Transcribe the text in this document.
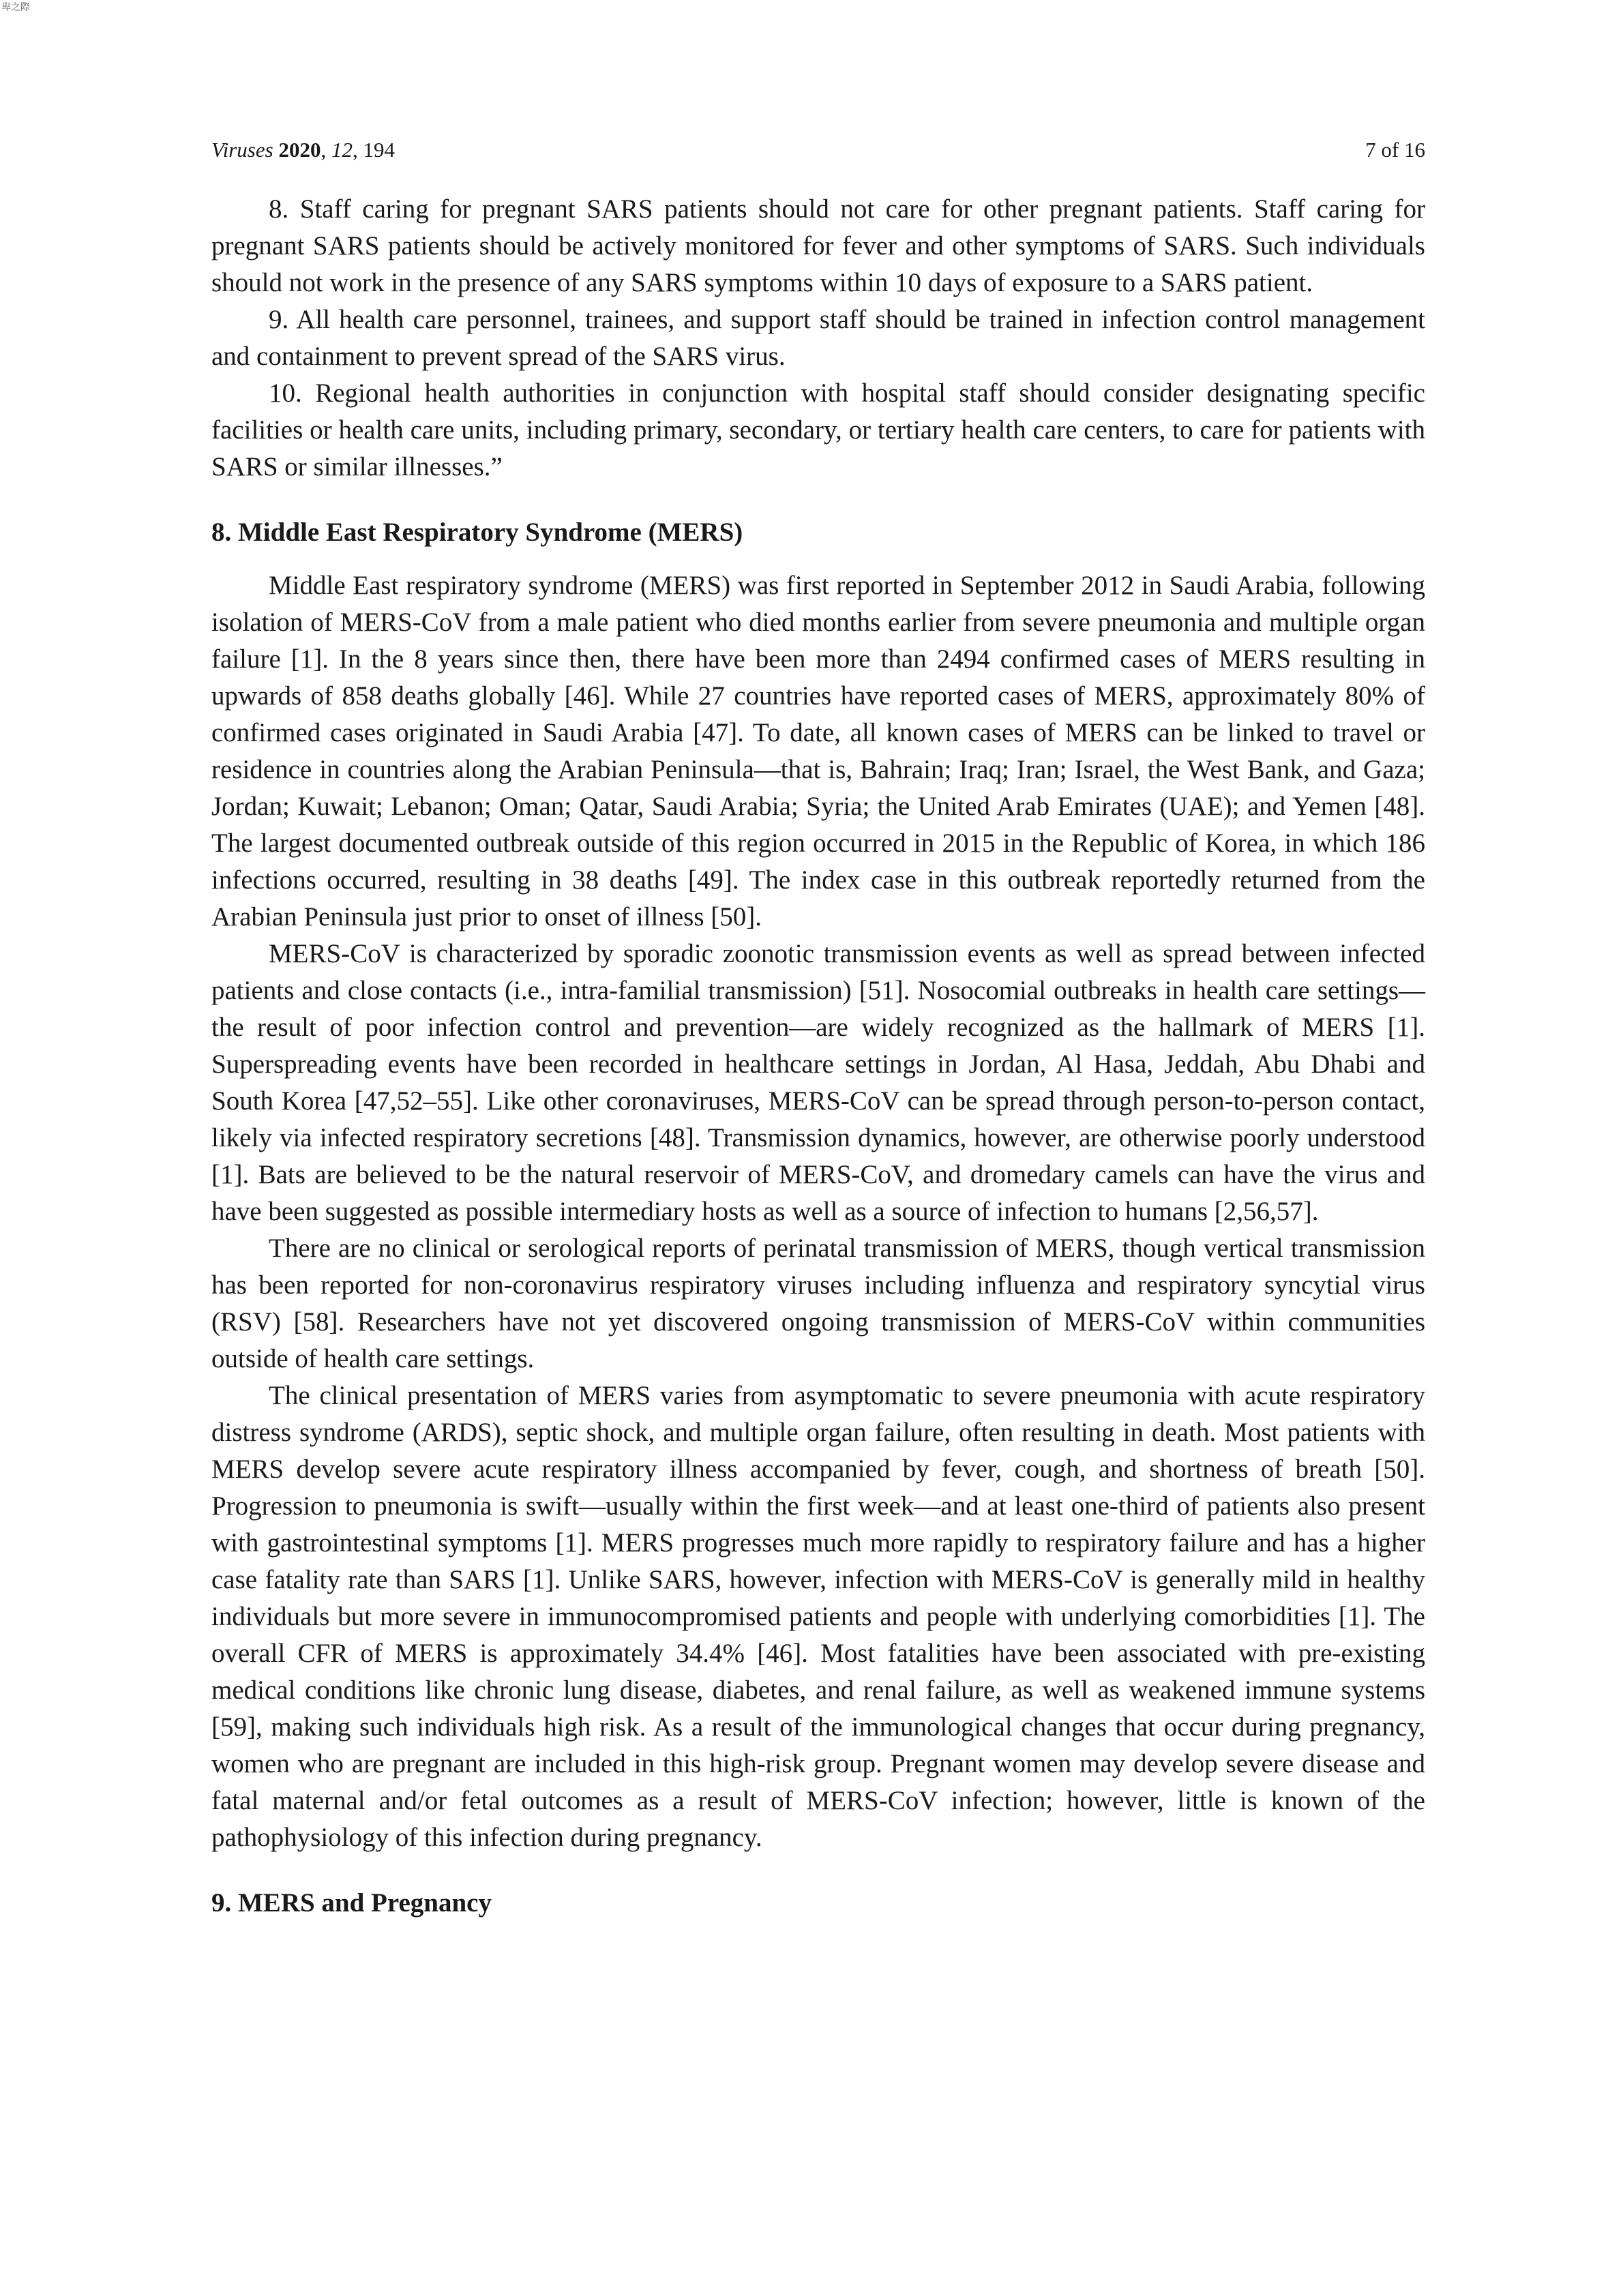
卑之際
Viruses 2020, 12, 194	7 of 16

8. Staff caring for pregnant SARS patients should not care for other pregnant patients. Staff caring for pregnant SARS patients should be actively monitored for fever and other symptoms of SARS. Such individuals should not work in the presence of any SARS symptoms within 10 days of exposure to a SARS patient.

9. All health care personnel, trainees, and support staff should be trained in infection control management and containment to prevent spread of the SARS virus.

10. Regional health authorities in conjunction with hospital staff should consider designating specific facilities or health care units, including primary, secondary, or tertiary health care centers, to care for patients with SARS or similar illnesses.”

8. Middle East Respiratory Syndrome (MERS)

Middle East respiratory syndrome (MERS) was first reported in September 2012 in Saudi Arabia, following isolation of MERS-CoV from a male patient who died months earlier from severe pneumonia and multiple organ failure [1]. In the 8 years since then, there have been more than 2494 confirmed cases of MERS resulting in upwards of 858 deaths globally [46]. While 27 countries have reported cases of MERS, approximately 80% of confirmed cases originated in Saudi Arabia [47]. To date, all known cases of MERS can be linked to travel or residence in countries along the Arabian Peninsula—that is, Bahrain; Iraq; Iran; Israel, the West Bank, and Gaza; Jordan; Kuwait; Lebanon; Oman; Qatar, Saudi Arabia; Syria; the United Arab Emirates (UAE); and Yemen [48]. The largest documented outbreak outside of this region occurred in 2015 in the Republic of Korea, in which 186 infections occurred, resulting in 38 deaths [49]. The index case in this outbreak reportedly returned from the Arabian Peninsula just prior to onset of illness [50].

MERS-CoV is characterized by sporadic zoonotic transmission events as well as spread between infected patients and close contacts (i.e., intra-familial transmission) [51]. Nosocomial outbreaks in health care settings—the result of poor infection control and prevention—are widely recognized as the hallmark of MERS [1]. Superspreading events have been recorded in healthcare settings in Jordan, Al Hasa, Jeddah, Abu Dhabi and South Korea [47,52–55]. Like other coronaviruses, MERS-CoV can be spread through person-to-person contact, likely via infected respiratory secretions [48]. Transmission dynamics, however, are otherwise poorly understood [1]. Bats are believed to be the natural reservoir of MERS-CoV, and dromedary camels can have the virus and have been suggested as possible intermediary hosts as well as a source of infection to humans [2,56,57].

There are no clinical or serological reports of perinatal transmission of MERS, though vertical transmission has been reported for non-coronavirus respiratory viruses including influenza and respiratory syncytial virus (RSV) [58]. Researchers have not yet discovered ongoing transmission of MERS-CoV within communities outside of health care settings.

The clinical presentation of MERS varies from asymptomatic to severe pneumonia with acute respiratory distress syndrome (ARDS), septic shock, and multiple organ failure, often resulting in death. Most patients with MERS develop severe acute respiratory illness accompanied by fever, cough, and shortness of breath [50]. Progression to pneumonia is swift—usually within the first week—and at least one-third of patients also present with gastrointestinal symptoms [1]. MERS progresses much more rapidly to respiratory failure and has a higher case fatality rate than SARS [1]. Unlike SARS, however, infection with MERS-CoV is generally mild in healthy individuals but more severe in immunocompromised patients and people with underlying comorbidities [1]. The overall CFR of MERS is approximately 34.4% [46]. Most fatalities have been associated with pre-existing medical conditions like chronic lung disease, diabetes, and renal failure, as well as weakened immune systems [59], making such individuals high risk. As a result of the immunological changes that occur during pregnancy, women who are pregnant are included in this high-risk group. Pregnant women may develop severe disease and fatal maternal and/or fetal outcomes as a result of MERS-CoV infection; however, little is known of the pathophysiology of this infection during pregnancy.

9. MERS and Pregnancy
